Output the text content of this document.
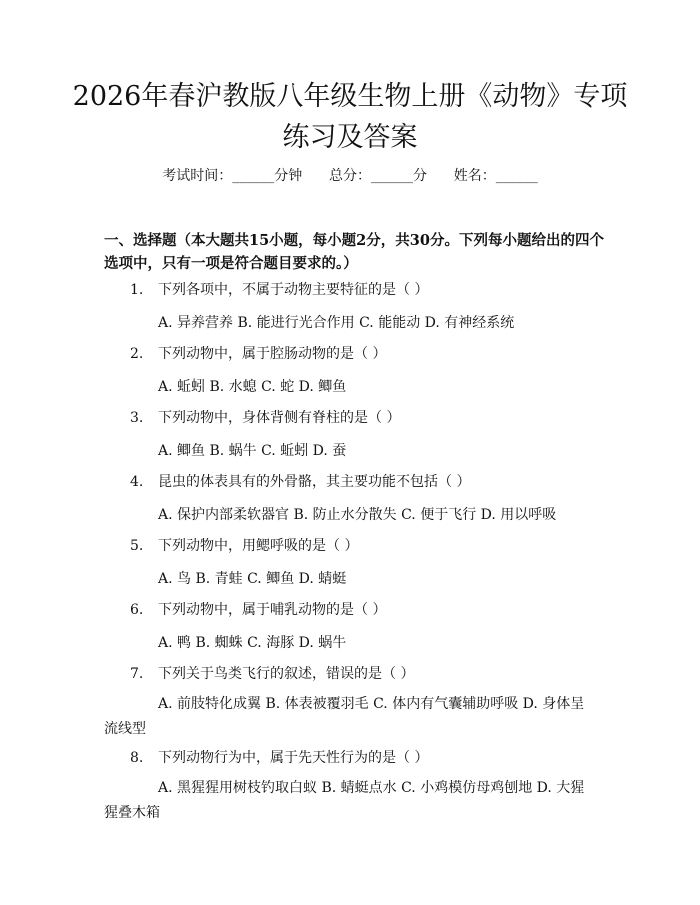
2026年春沪教版八年级生物上册《动物》专项练习及答案
考试时间：______分钟      总分：______分      姓名：______

一、选择题（本大题共15小题，每小题2分，共30分。下列每小题给出的四个选项中，只有一项是符合题目要求的。）

1.	下列各项中，不属于动物主要特征的是（ ）
A. 异养营养 B. 能进行光合作用 C. 能能动 D. 有神经系统
2.	下列动物中，属于腔肠动物的是（ ）
A. 蚯蚓 B. 水螅 C. 蛇 D. 鲫鱼
3.	下列动物中，身体背侧有脊柱的是（ ）
A. 鲫鱼 B. 蜗牛 C. 蚯蚓 D. 蚕
4.	昆虫的体表具有的外骨骼，其主要功能不包括（ ）
A. 保护内部柔软器官 B. 防止水分散失 C. 便于飞行 D. 用以呼吸
5.	下列动物中，用鳃呼吸的是（ ）
A. 鸟 B. 青蛙 C. 鲫鱼 D. 蜻蜓
6.	下列动物中，属于哺乳动物的是（ ）
A. 鸭 B. 蜘蛛 C. 海豚 D. 蜗牛
7.	下列关于鸟类飞行的叙述，错误的是（ ）
A. 前肢特化成翼 B. 体表被覆羽毛 C. 体内有气囊辅助呼吸 D. 身体呈流线型
8.	下列动物行为中，属于先天性行为的是（ ）
A. 黑猩猩用树枝钓取白蚁 B. 蜻蜓点水 C. 小鸡模仿母鸡刨地 D. 大猩猩叠木箱
